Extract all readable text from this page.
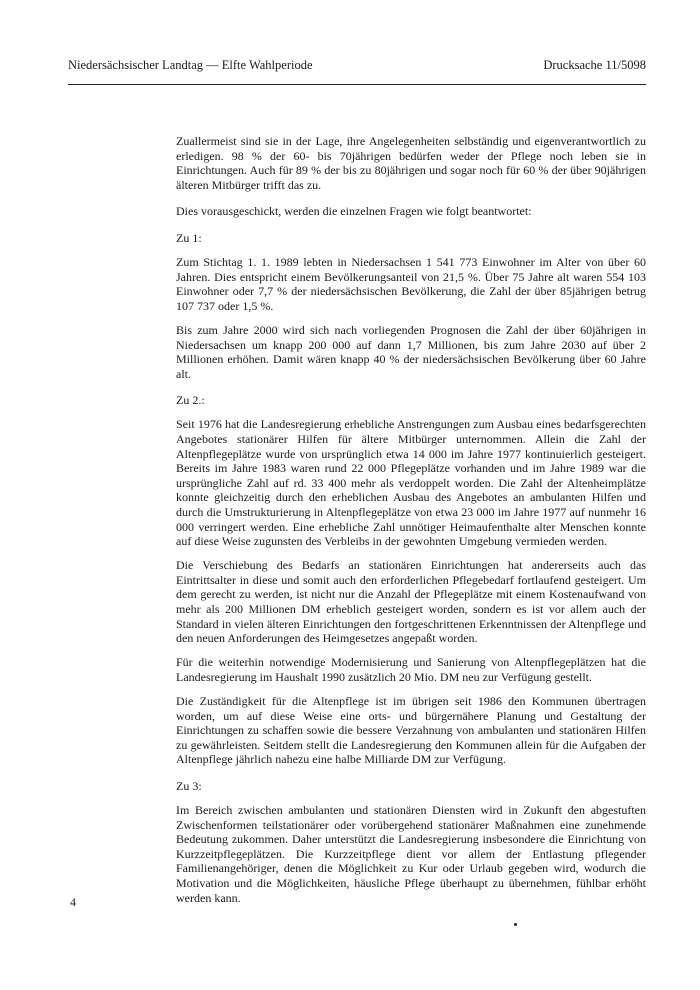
Niedersächsischer Landtag — Elfte Wahlperiode	Drucksache 11/5098

Zuallermeist sind sie in der Lage, ihre Angelegenheiten selbständig und eigenverantwortlich zu erledigen. 98 % der 60- bis 70jährigen bedürfen weder der Pflege noch leben sie in Einrichtungen. Auch für 89 % der bis zu 80jährigen und sogar noch für 60 % der über 90jährigen älteren Mitbürger trifft das zu.

Dies vorausgeschickt, werden die einzelnen Fragen wie folgt beantwortet:

Zu 1:

Zum Stichtag 1. 1. 1989 lebten in Niedersachsen 1 541 773 Einwohner im Alter von über 60 Jahren. Dies entspricht einem Bevölkerungsanteil von 21,5 %. Über 75 Jahre alt waren 554 103 Einwohner oder 7,7 % der niedersächsischen Bevölkerung, die Zahl der über 85jährigen betrug 107 737 oder 1,5 %.

Bis zum Jahre 2000 wird sich nach vorliegenden Prognosen die Zahl der über 60jährigen in Niedersachsen um knapp 200 000 auf dann 1,7 Millionen, bis zum Jahre 2030 auf über 2 Millionen erhöhen. Damit wären knapp 40 % der niedersächsischen Bevölkerung über 60 Jahre alt.

Zu 2.:

Seit 1976 hat die Landesregierung erhebliche Anstrengungen zum Ausbau eines bedarfsgerechten Angebotes stationärer Hilfen für ältere Mitbürger unternommen. Allein die Zahl der Altenpflegeplätze wurde von ursprünglich etwa 14 000 im Jahre 1977 kontinuierlich gesteigert. Bereits im Jahre 1983 waren rund 22 000 Pflegeplätze vorhanden und im Jahre 1989 war die ursprüngliche Zahl auf rd. 33 400 mehr als verdoppelt worden. Die Zahl der Altenheimplätze konnte gleichzeitig durch den erheblichen Ausbau des Angebotes an ambulanten Hilfen und durch die Umstrukturierung in Altenpflegeplätze von etwa 23 000 im Jahre 1977 auf nunmehr 16 000 verringert werden. Eine erhebliche Zahl unnötiger Heimaufenthalte alter Menschen konnte auf diese Weise zugunsten des Verbleibs in der gewohnten Umgebung vermieden werden.

Die Verschiebung des Bedarfs an stationären Einrichtungen hat andererseits auch das Eintrittsalter in diese und somit auch den erforderlichen Pflegebedarf fortlaufend gesteigert. Um dem gerecht zu werden, ist nicht nur die Anzahl der Pflegeplätze mit einem Kostenaufwand von mehr als 200 Millionen DM erheblich gesteigert worden, sondern es ist vor allem auch der Standard in vielen älteren Einrichtungen den fortgeschrittenen Erkenntnissen der Altenpflege und den neuen Anforderungen des Heimgesetzes angepaßt worden.

Für die weiterhin notwendige Modernisierung und Sanierung von Altenpflegeplätzen hat die Landesregierung im Haushalt 1990 zusätzlich 20 Mio. DM neu zur Verfügung gestellt.

Die Zuständigkeit für die Altenpflege ist im übrigen seit 1986 den Kommunen übertragen worden, um auf diese Weise eine orts- und bürgernähere Planung und Gestaltung der Einrichtungen zu schaffen sowie die bessere Verzahnung von ambulanten und stationären Hilfen zu gewährleisten. Seitdem stellt die Landesregierung den Kommunen allein für die Aufgaben der Altenpflege jährlich nahezu eine halbe Milliarde DM zur Verfügung.

Zu 3:

Im Bereich zwischen ambulanten und stationären Diensten wird in Zukunft den abgestuften Zwischenformen teilstationärer oder vorübergehend stationärer Maßnahmen eine zunehmende Bedeutung zukommen. Daher unterstützt die Landesregierung insbesondere die Einrichtung von Kurzzeitpflegeplätzen. Die Kurzzeitpflege dient vor allem der Entlastung pflegender Familienangehöriger, denen die Möglichkeit zu Kur oder Urlaub gegeben wird, wodurch die Motivation und die Möglichkeiten, häusliche Pflege überhaupt zu übernehmen, fühlbar erhöht werden kann.

4
